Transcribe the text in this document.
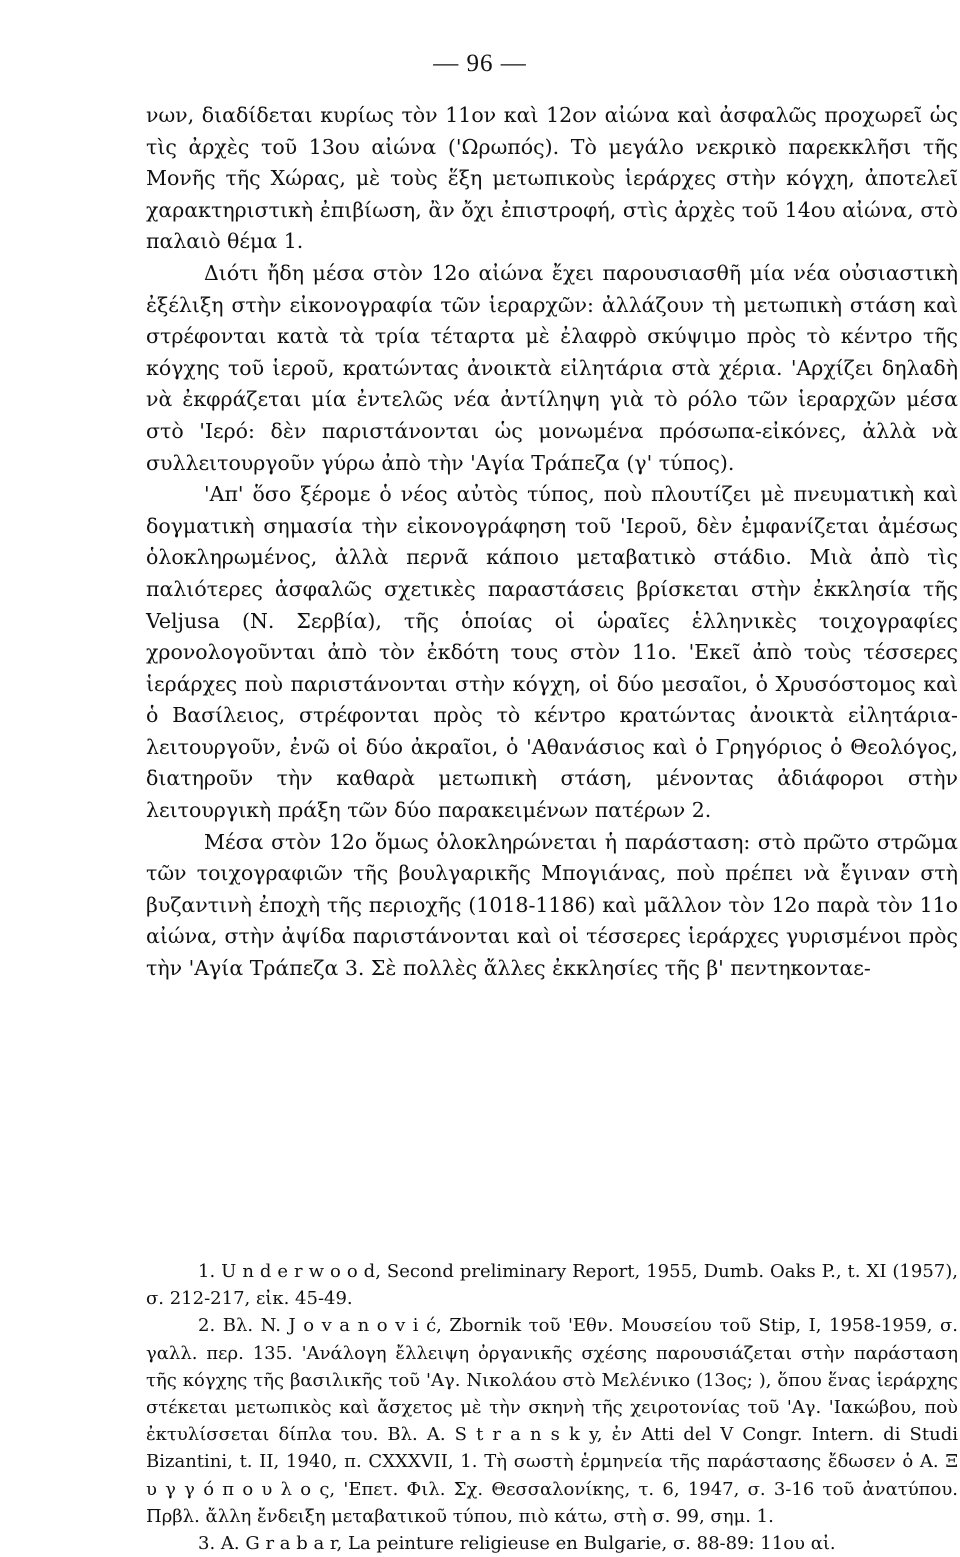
— 96 —

νων, διαδίδεται κυρίως τὸν 11ον καὶ 12ον αἰώνα καὶ ἀσφαλῶς προχωρεῖ ὡς τὶς ἀρχὲς τοῦ 13ου αἰώνα ('Ωρωπός). Τὸ μεγάλο νεκρικὸ παρεκκλῆσι τῆς Μονῆς τῆς Χώρας, μὲ τοὺς ἕξη μετωπικοὺς ἱεράρχες στὴν κόγχη, ἀποτελεῖ χαρακτηριστικὴ ἐπιβίωση, ἂν ὄχι ἐπιστροφή, στὶς ἀρχὲς τοῦ 14ου αἰώνα, στὸ παλαιὸ θέμα 1.

Διότι ἤδη μέσα στὸν 12ο αἰώνα ἔχει παρουσιασθῆ μία νέα οὐσιαστικὴ ἐξέλιξη στὴν εἰκονογραφία τῶν ἱεραρχῶν: ἀλλάζουν τὴ μετωπικὴ στάση καὶ στρέφονται κατὰ τὰ τρία τέταρτα μὲ ἐλαφρὸ σκύψιμο πρὸς τὸ κέντρο τῆς κόγχης τοῦ ἱεροῦ, κρατώντας ἀνοικτὰ εἰλητάρια στὰ χέρια. 'Αρχίζει δηλαδὴ νὰ ἐκφράζεται μία ἐντελῶς νέα ἀντίληψη γιὰ τὸ ρόλο τῶν ἱεραρχῶν μέσα στὸ 'Ιερό: δὲν παριστάνονται ὡς μονωμένα πρόσωπα-εἰκόνες, ἀλλὰ νὰ συλλειτουργοῦν γύρω ἀπὸ τὴν 'Αγία Τράπεζα (γ' τύπος).

'Απ' ὅσο ξέρομε ὁ νέος αὐτὸς τύπος, ποὺ πλουτίζει μὲ πνευματικὴ καὶ δογματικὴ σημασία τὴν εἰκονογράφηση τοῦ 'Ιεροῦ, δὲν ἐμφανίζεται ἀμέσως ὁλοκληρωμένος, ἀλλὰ περνᾶ κάποιο μεταβατικὸ στάδιο. Μιὰ ἀπὸ τὶς παλιότερες ἀσφαλῶς σχετικὲς παραστάσεις βρίσκεται στὴν ἐκκλησία τῆς Veljusa (Ν. Σερβία), τῆς ὁποίας οἱ ὡραῖες ἑλληνικὲς τοιχογραφίες χρονολογοῦνται ἀπὸ τὸν ἐκδότη τους στὸν 11ο. 'Εκεῖ ἀπὸ τοὺς τέσσερες ἱεράρχες ποὺ παριστάνονται στὴν κόγχη, οἱ δύο μεσαῖοι, ὁ Χρυσόστομος καὶ ὁ Βασίλειος, στρέφονται πρὸς τὸ κέντρο κρατώντας ἀνοικτὰ εἰλητάρια-λειτουργοῦν, ἐνῶ οἱ δύο ἀκραῖοι, ὁ 'Αθανάσιος καὶ ὁ Γρηγόριος ὁ Θεολόγος, διατηροῦν τὴν καθαρὰ μετωπικὴ στάση, μένοντας ἀδιάφοροι στὴν λειτουργικὴ πράξη τῶν δύο παρακειμένων πατέρων 2.

Μέσα στὸν 12ο ὅμως ὁλοκληρώνεται ἡ παράσταση: στὸ πρῶτο στρῶμα τῶν τοιχογραφιῶν τῆς βουλγαρικῆς Μπογιάνας, ποὺ πρέπει νὰ ἔγιναν στὴ βυζαντινὴ ἐποχὴ τῆς περιοχῆς (1018-1186) καὶ μᾶλλον τὸν 12ο παρὰ τὸν 11ο αἰώνα, στὴν ἀψίδα παριστάνονται καὶ οἱ τέσσερες ἱεράρχες γυρισμένοι πρὸς τὴν 'Αγία Τράπεζα 3. Σὲ πολλὲς ἄλλες ἐκκλησίες τῆς β' πεντηκονταε-

1. U n d e r w o o d, Second preliminary Report, 1955, Dumb. Oaks P., t. XI (1957), σ. 212-217, εἰκ. 45-49.

2. Βλ. N. J o v a n o v i ć, Zbornik τοῦ 'Εθν. Μουσείου τοῦ Stip, I, 1958-1959, σ. γαλλ. περ. 135. 'Ανάλογη ἔλλειψη ὀργανικῆς σχέσης παρουσιάζεται στὴν παράσταση τῆς κόγχης τῆς βασιλικῆς τοῦ 'Αγ. Νικολάου στὸ Μελένικο (13ος; ), ὅπου ἕνας ἱεράρχης στέκεται μετωπικὸς καὶ ἄσχετος μὲ τὴν σκηνὴ τῆς χειροτονίας τοῦ 'Αγ. 'Ιακώβου, ποὺ ἐκτυλίσσεται δίπλα του. Βλ. A. S t r a n s k y, ἐν Atti del V Congr. Intern. di Studi Bizantini, t. II, 1940, π. CXXXVII, 1. Τὴ σωστὴ ἑρμηνεία τῆς παράστασης ἔδωσεν ὁ A. Ξ υ γ γ ό π ο υ λ ο ς, 'Επετ. Φιλ. Σχ. Θεσσαλονίκης, τ. 6, 1947, σ. 3-16 τοῦ ἀνατύπου. Πρβλ. ἄλλη ἔνδειξη μεταβατικοῦ τύπου, πιὸ κάτω, στὴ σ. 99, σημ. 1.

3. A. G r a b a r, La peinture religieuse en Bulgarie, σ. 88-89: 11ου αἰ.
